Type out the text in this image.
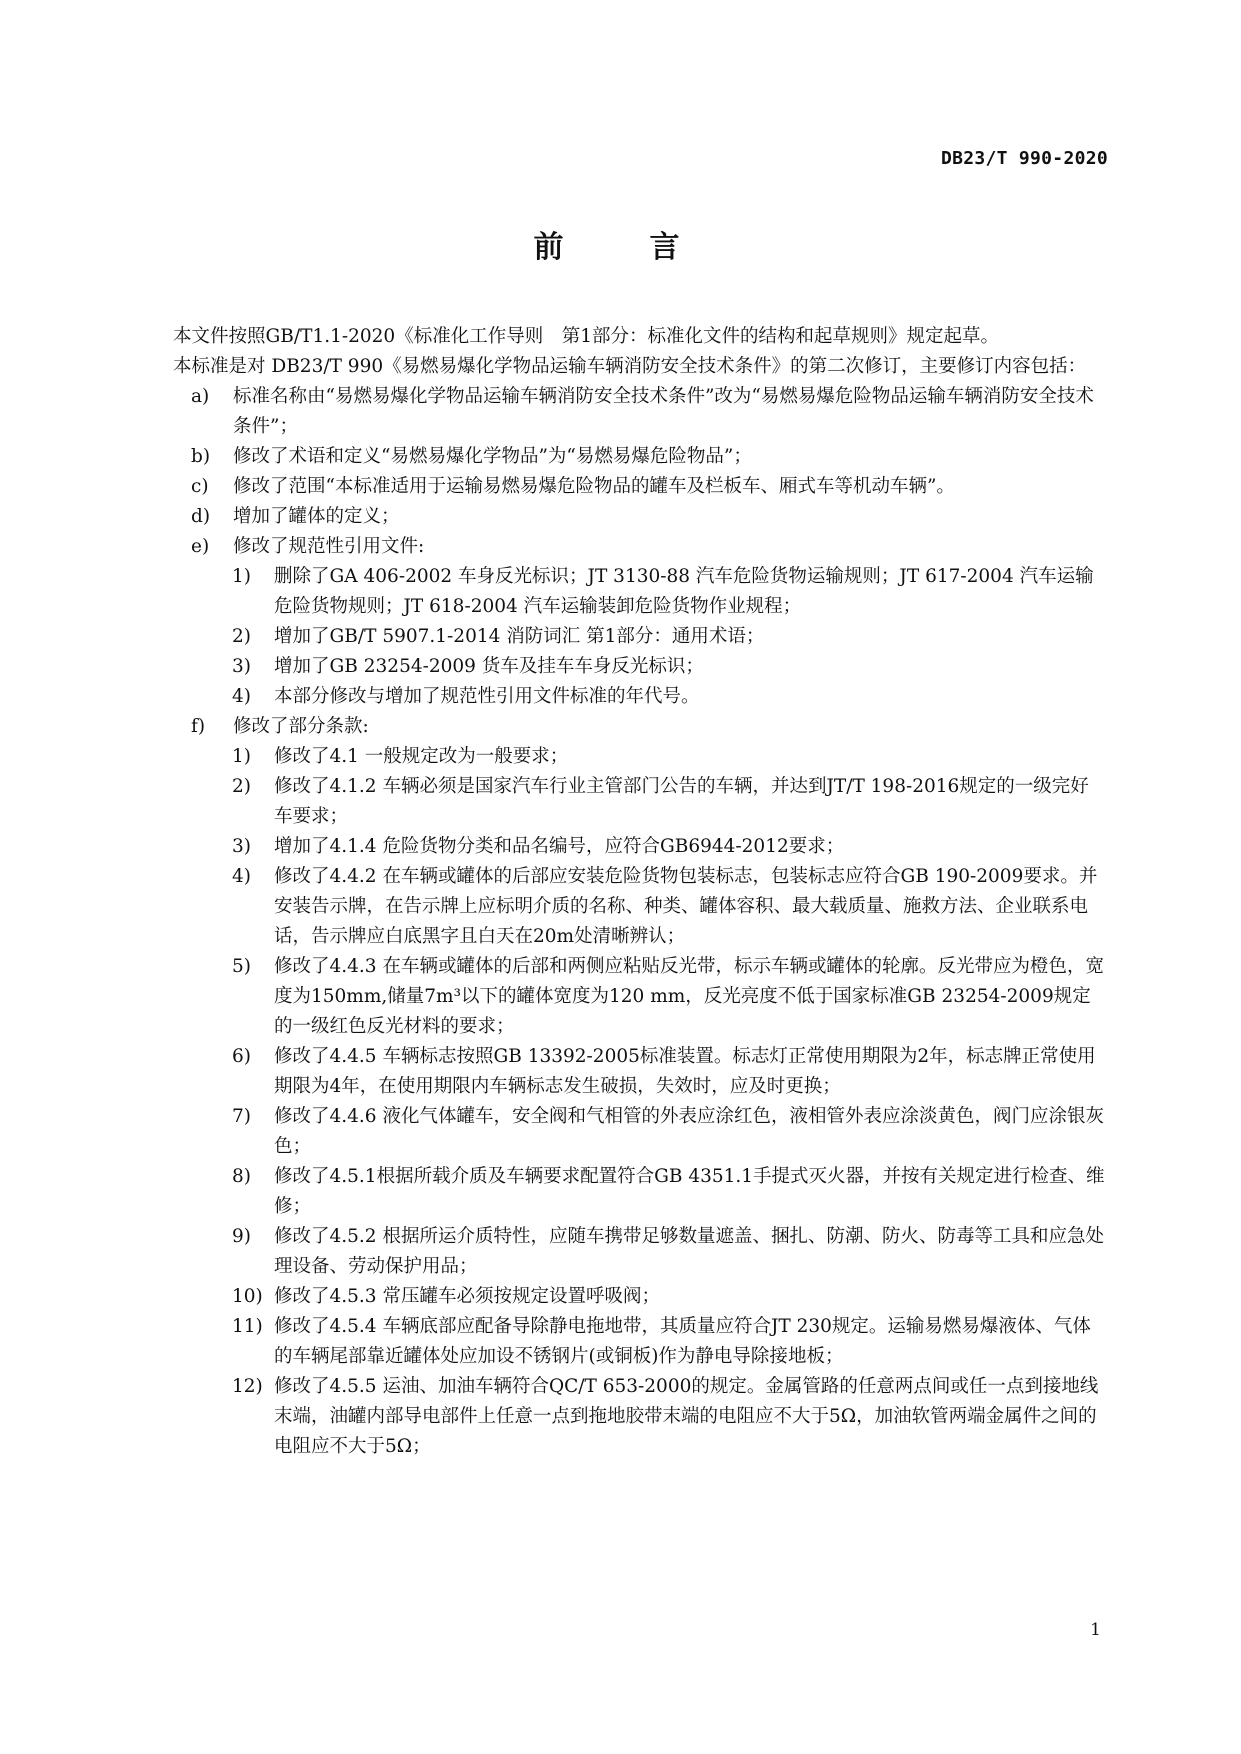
DB23/T 990-2020
前　言

本文件按照GB/T1.1-2020《标准化工作导则　第1部分：标准化文件的结构和起草规则》规定起草。

本标准是对 DB23/T 990《易燃易爆化学物品运输车辆消防安全技术条件》的第二次修订，主要修订内容包括：

a)	标准名称由“易燃易爆化学物品运输车辆消防安全技术条件”改为“易燃易爆危险物品运输车辆消防安全技术条件”；
b)	修改了术语和定义“易燃易爆化学物品”为“易燃易爆危险物品”；
c)	修改了范围“本标准适用于运输易燃易爆危险物品的罐车及栏板车、厢式车等机动车辆”。
d)	增加了罐体的定义；
e)	修改了规范性引用文件:
1)	删除了GA 406-2002 车身反光标识；JT 3130-88 汽车危险货物运输规则；JT 617-2004 汽车运输危险货物规则；JT 618-2004 汽车运输装卸危险货物作业规程；
2)	增加了GB/T 5907.1-2014 消防词汇 第1部分：通用术语；
3)	增加了GB 23254-2009 货车及挂车车身反光标识；
4)	本部分修改与增加了规范性引用文件标准的年代号。
f)	修改了部分条款:
1)	修改了4.1 一般规定改为一般要求；
2)	修改了4.1.2 车辆必须是国家汽车行业主管部门公告的车辆，并达到JT/T 198-2016规定的一级完好车要求；
3)	增加了4.1.4 危险货物分类和品名编号，应符合GB6944-2012要求；
4)	修改了4.4.2 在车辆或罐体的后部应安装危险货物包装标志，包装标志应符合GB 190-2009要求。并安装告示牌，在告示牌上应标明介质的名称、种类、罐体容积、最大载质量、施救方法、企业联系电话，告示牌应白底黑字且白天在20m处清晰辨认；
5)	修改了4.4.3 在车辆或罐体的后部和两侧应粘贴反光带，标示车辆或罐体的轮廓。反光带应为橙色，宽度为150mm,储量7m³以下的罐体宽度为120 mm，反光亮度不低于国家标准GB 23254-2009规定的一级红色反光材料的要求；
6)	修改了4.4.5 车辆标志按照GB 13392-2005标准装置。标志灯正常使用期限为2年，标志牌正常使用期限为4年，在使用期限内车辆标志发生破损，失效时，应及时更换；
7)	修改了4.4.6 液化气体罐车，安全阀和气相管的外表应涂红色，液相管外表应涂淡黄色，阀门应涂银灰色；
8)	修改了4.5.1根据所载介质及车辆要求配置符合GB 4351.1手提式灭火器，并按有关规定进行检查、维修；
9)	修改了4.5.2 根据所运介质特性，应随车携带足够数量遮盖、捆扎、防潮、防火、防毒等工具和应急处理设备、劳动保护用品；
10) 修改了4.5.3 常压罐车必须按规定设置呼吸阀；
11) 修改了4.5.4 车辆底部应配备导除静电拖地带，其质量应符合JT 230规定。运输易燃易爆液体、气体的车辆尾部靠近罐体处应加设不锈钢片(或铜板)作为静电导除接地板；
12) 修改了4.5.5 运油、加油车辆符合QC/T 653-2000的规定。金属管路的任意两点间或任一点到接地线末端，油罐内部导电部件上任意一点到拖地胶带末端的电阻应不大于5Ω，加油软管两端金属件之间的电阻应不大于5Ω；
1
